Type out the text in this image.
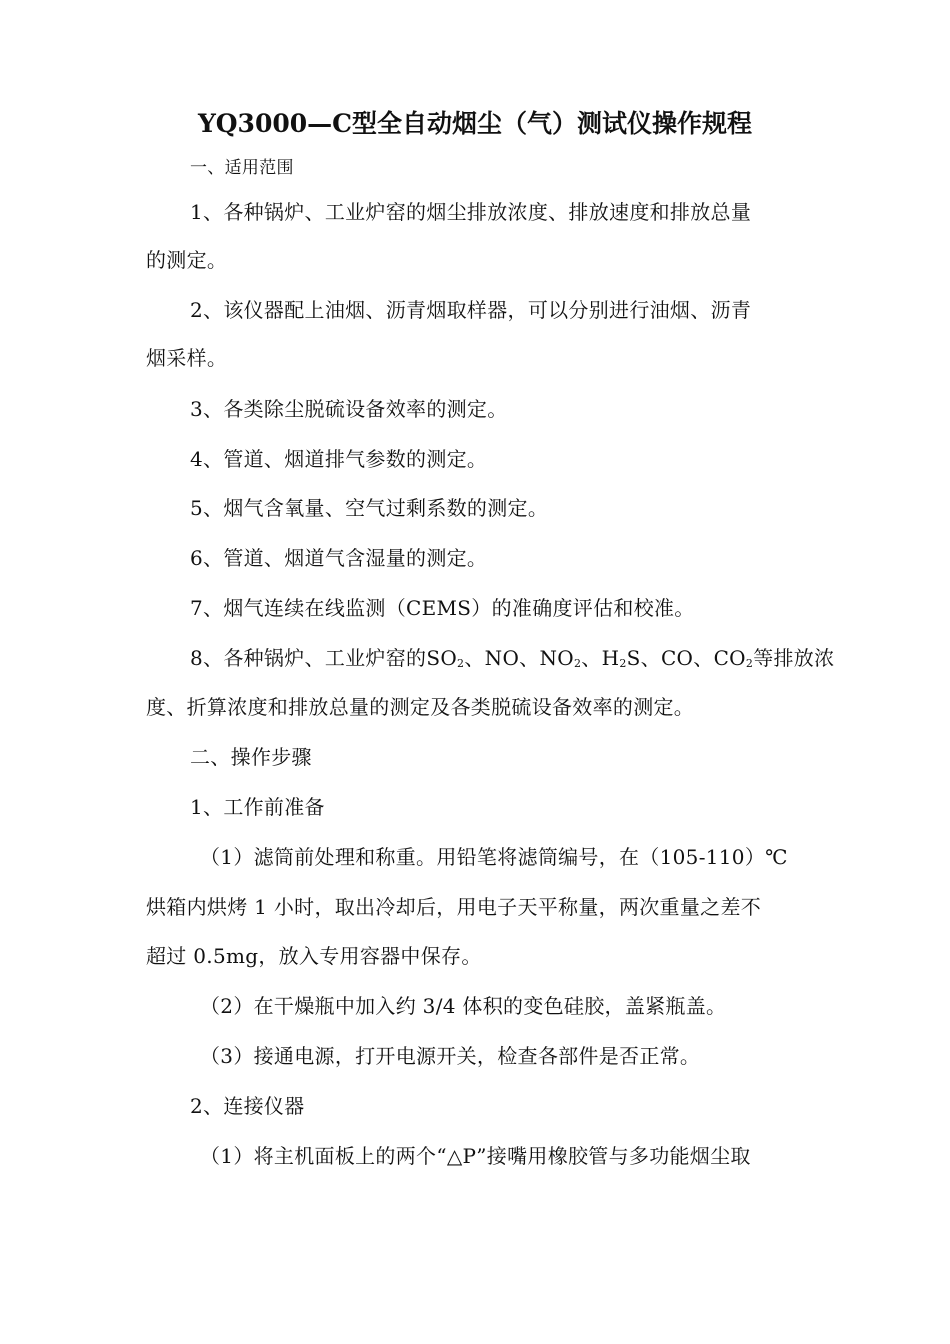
YQ3000—C型全自动烟尘（气）测试仪操作规程
一、适用范围
1、各种锅炉、工业炉窑的烟尘排放浓度、排放速度和排放总量
的测定。
2、该仪器配上油烟、沥青烟取样器，可以分别进行油烟、沥青
烟采样。
3、各类除尘脱硫设备效率的测定。
4、管道、烟道排气参数的测定。
5、烟气含氧量、空气过剩系数的测定。
6、管道、烟道气含湿量的测定。
7、烟气连续在线监测（CEMS）的准确度评估和校准。
8、各种锅炉、工业炉窑的$SO_2$、NO、$NO_2$、$H_2S$、CO、$CO_2$等排放浓
度、折算浓度和排放总量的测定及各类脱硫设备效率的测定。
二、操作步骤
1、工作前准备
（1）滤筒前处理和称重。用铅笔将滤筒编号，在（105-110）℃
烘箱内烘烤 1 小时，取出冷却后，用电子天平称量，两次重量之差不
超过 0.5mg，放入专用容器中保存。
（2）在干燥瓶中加入约 3/4 体积的变色硅胶，盖紧瓶盖。
（3）接通电源，打开电源开关，检查各部件是否正常。
2、连接仪器
（1）将主机面板上的两个“△P”接嘴用橡胶管与多功能烟尘取
